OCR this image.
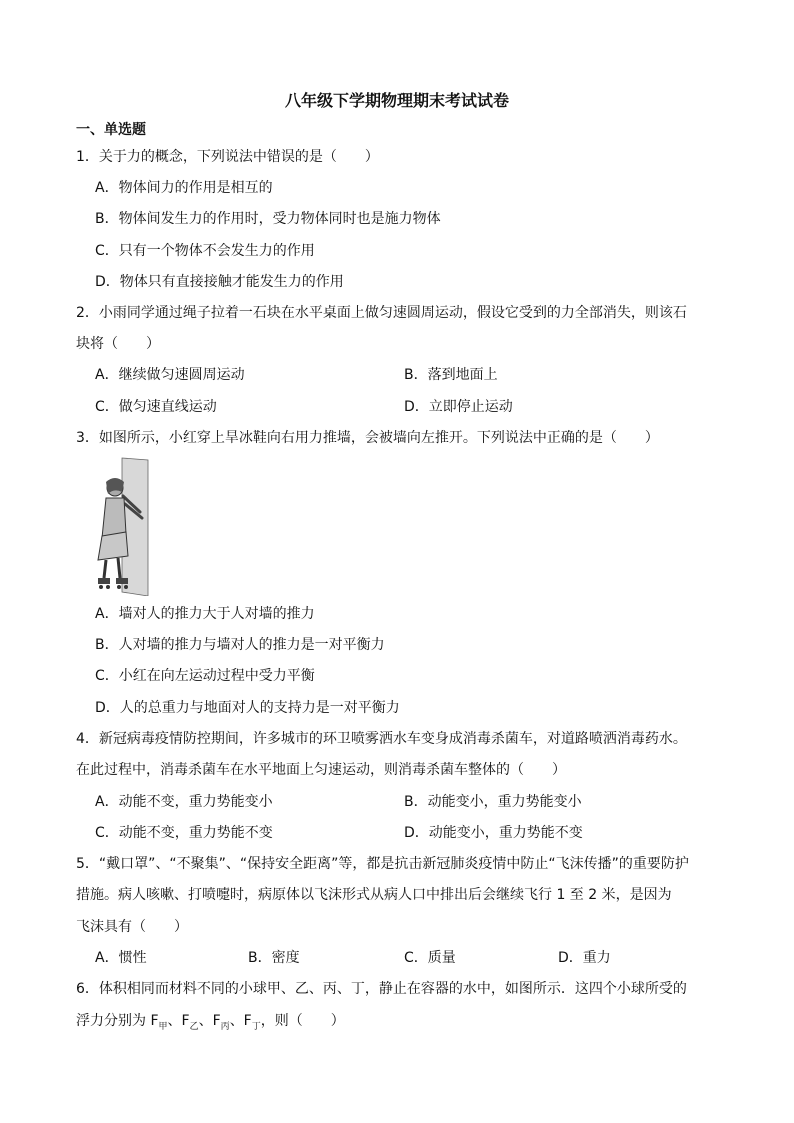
八年级下学期物理期末考试试卷
一、单选题
1．关于力的概念，下列说法中错误的是（　　）
A．物体间力的作用是相互的
B．物体间发生力的作用时，受力物体同时也是施力物体
C．只有一个物体不会发生力的作用
D．物体只有直接接触才能发生力的作用
2．小雨同学通过绳子拉着一石块在水平桌面上做匀速圆周运动，假设它受到的力全部消失，则该石
块将（　　）
A．继续做匀速圆周运动	B．落到地面上
C．做匀速直线运动	D．立即停止运动
3．如图所示，小红穿上旱冰鞋向右用力推墙，会被墙向左推开。下列说法中正确的是（　　）
A．墙对人的推力大于人对墙的推力
B．人对墙的推力与墙对人的推力是一对平衡力
C．小红在向左运动过程中受力平衡
D．人的总重力与地面对人的支持力是一对平衡力
4．新冠病毒疫情防控期间，许多城市的环卫喷雾洒水车变身成消毒杀菌车，对道路喷洒消毒药水。
在此过程中，消毒杀菌车在水平地面上匀速运动，则消毒杀菌车整体的（　　）
A．动能不变，重力势能变小	B．动能变小，重力势能变小
C．动能不变，重力势能不变	D．动能变小，重力势能不变
5．“戴口罩”、“不聚集”、“保持安全距离”等，都是抗击新冠肺炎疫情中防止“飞沫传播”的重要防护
措施。病人咳嗽、打喷嚏时，病原体以飞沫形式从病人口中排出后会继续飞行 1 至 2 米，是因为
飞沫具有（　　）
A．惯性	B．密度	C．质量	D．重力
6．体积相同而材料不同的小球甲、乙、丙、丁，静止在容器的水中，如图所示．这四个小球所受的
浮力分别为 $F_甲$、$F_乙$、$F_丙$、$F_丁$，则（　　）
